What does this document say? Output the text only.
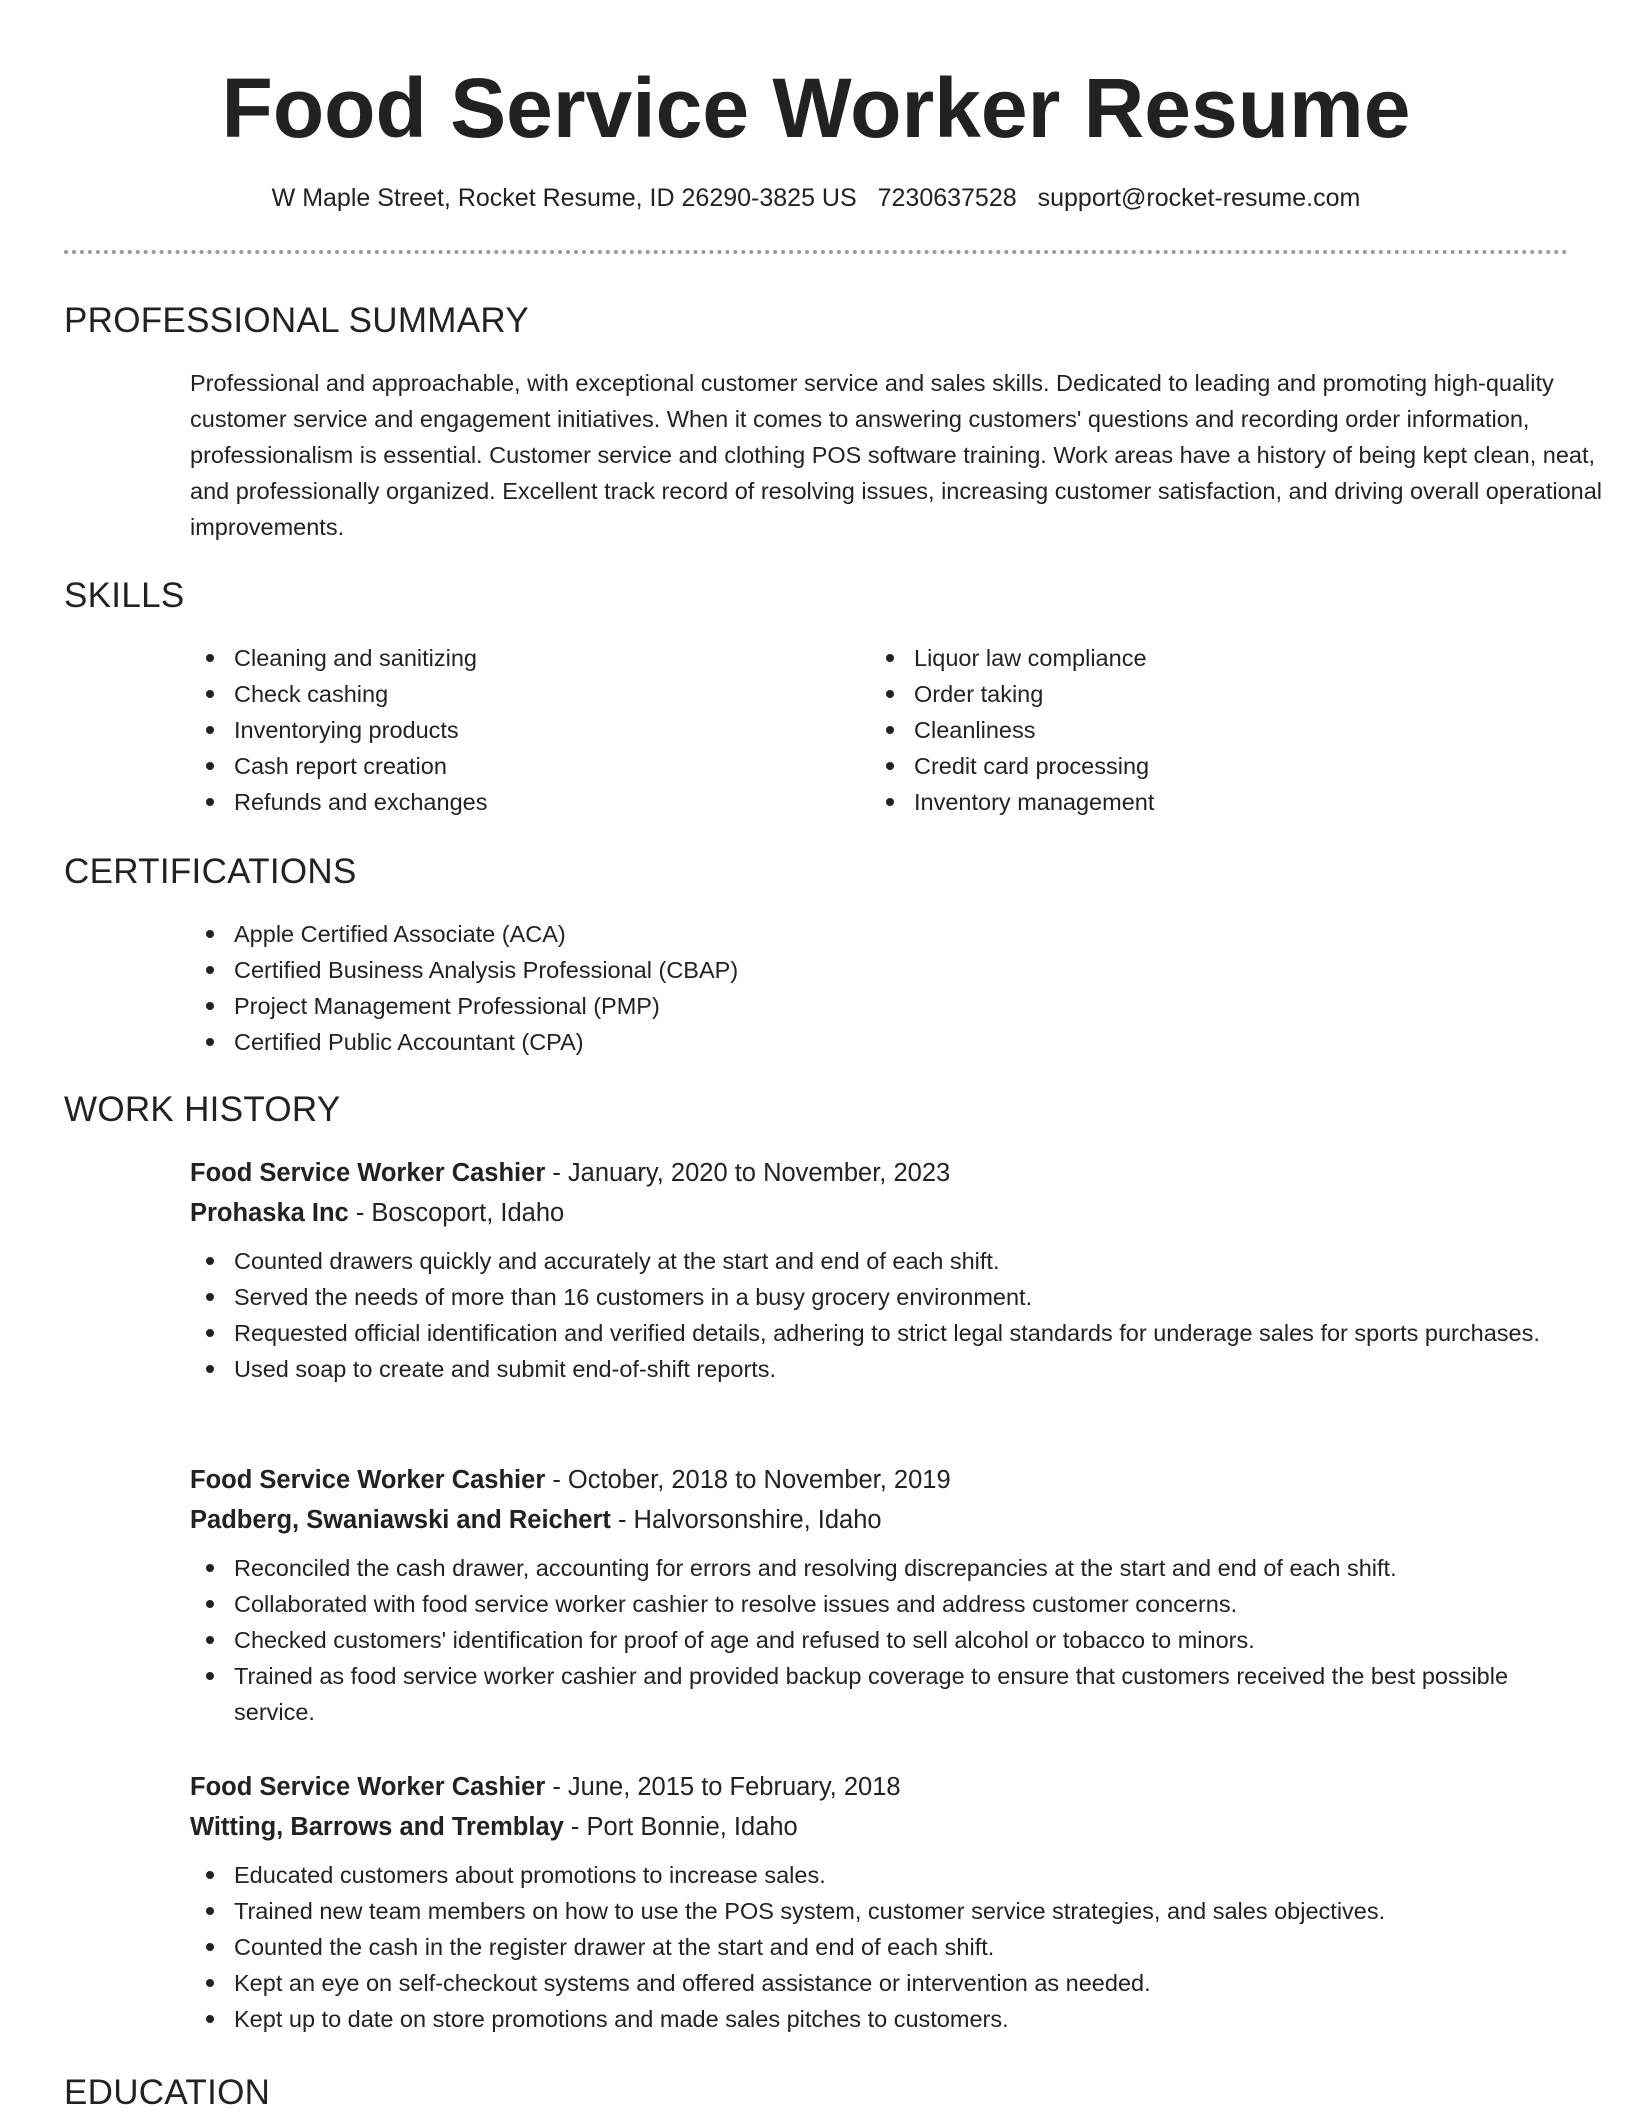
Food Service Worker Resume
W Maple Street, Rocket Resume, ID 26290-3825 US 7230637528 support@rocket-resume.com
PROFESSIONAL SUMMARY

Professional and approachable, with exceptional customer service and sales skills. Dedicated to leading and promoting high-quality customer service and engagement initiatives. When it comes to answering customers' questions and recording order information, professionalism is essential. Customer service and clothing POS software training. Work areas have a history of being kept clean, neat, and professionally organized. Excellent track record of resolving issues, increasing customer satisfaction, and driving overall operational improvements.

SKILLS
Cleaning and sanitizing
Check cashing
Inventorying products
Cash report creation
Refunds and exchanges
Liquor law compliance
Order taking
Cleanliness
Credit card processing
Inventory management
CERTIFICATIONS
Apple Certified Associate (ACA)
Certified Business Analysis Professional (CBAP)
Project Management Professional (PMP)
Certified Public Accountant (CPA)
WORK HISTORY
Food Service Worker Cashier - January, 2020 to November, 2023
Prohaska Inc - Boscoport, Idaho
Counted drawers quickly and accurately at the start and end of each shift.
Served the needs of more than 16 customers in a busy grocery environment.
Requested official identification and verified details, adhering to strict legal standards for underage sales for sports purchases.
Used soap to create and submit end-of-shift reports.
Food Service Worker Cashier - October, 2018 to November, 2019
Padberg, Swaniawski and Reichert - Halvorsonshire, Idaho
Reconciled the cash drawer, accounting for errors and resolving discrepancies at the start and end of each shift.
Collaborated with food service worker cashier to resolve issues and address customer concerns.
Checked customers' identification for proof of age and refused to sell alcohol or tobacco to minors.
Trained as food service worker cashier and provided backup coverage to ensure that customers received the best possible service.
Food Service Worker Cashier - June, 2015 to February, 2018
Witting, Barrows and Tremblay - Port Bonnie, Idaho
Educated customers about promotions to increase sales.
Trained new team members on how to use the POS system, customer service strategies, and sales objectives.
Counted the cash in the register drawer at the start and end of each shift.
Kept an eye on self-checkout systems and offered assistance or intervention as needed.
Kept up to date on store promotions and made sales pitches to customers.
EDUCATION
